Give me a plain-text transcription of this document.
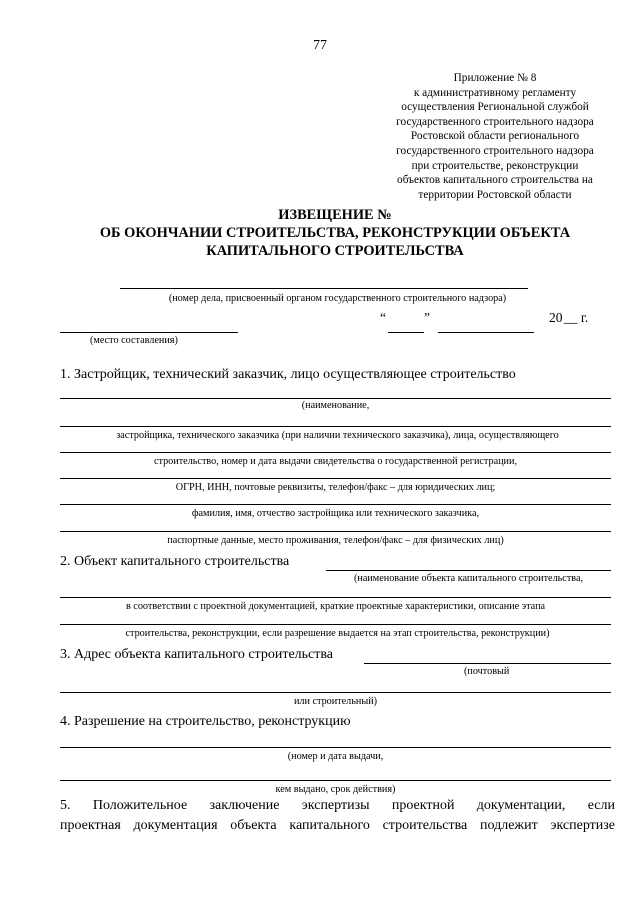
77
Приложение № 8
к административному регламенту
осуществления Региональной службой
государственного строительного надзора
Ростовской области регионального
государственного строительного надзора
при строительстве, реконструкции
объектов капитального строительства на
территории Ростовской области
ИЗВЕЩЕНИЕ №
ОБ ОКОНЧАНИИ СТРОИТЕЛЬСТВА, РЕКОНСТРУКЦИИ ОБЪЕКТА
КАПИТАЛЬНОГО СТРОИТЕЛЬСТВА
(номер дела, присвоенный органом государственного строительного надзора)
(место составления)
“	”	20 __ г.
1. Застройщик, технический заказчик, лицо осуществляющее строительство
(наименование,
застройщика, технического заказчика (при наличии технического заказчика), лица, осуществляющего
строительство, номер и дата выдачи свидетельства о государственной регистрации,
ОГРН, ИНН, почтовые реквизиты, телефон/факс – для юридических лиц;
фамилия, имя, отчество застройщика или технического заказчика,
паспортные данные, место проживания, телефон/факс – для физических лиц)
2. Объект капитального строительства
(наименование объекта капитального строительства,
в соответствии с проектной документацией, краткие проектные характеристики, описание этапа
строительства, реконструкции, если разрешение выдается на этап строительства, реконструкции)
3. Адрес объекта капитального строительства
(почтовый
или строительный)
4. Разрешение на строительство, реконструкцию
(номер и дата выдачи,
кем выдано, срок действия)
5. Положительное заключение экспертизы проектной документации, если
проектная документация объекта капитального строительства подлежит экспертизе
